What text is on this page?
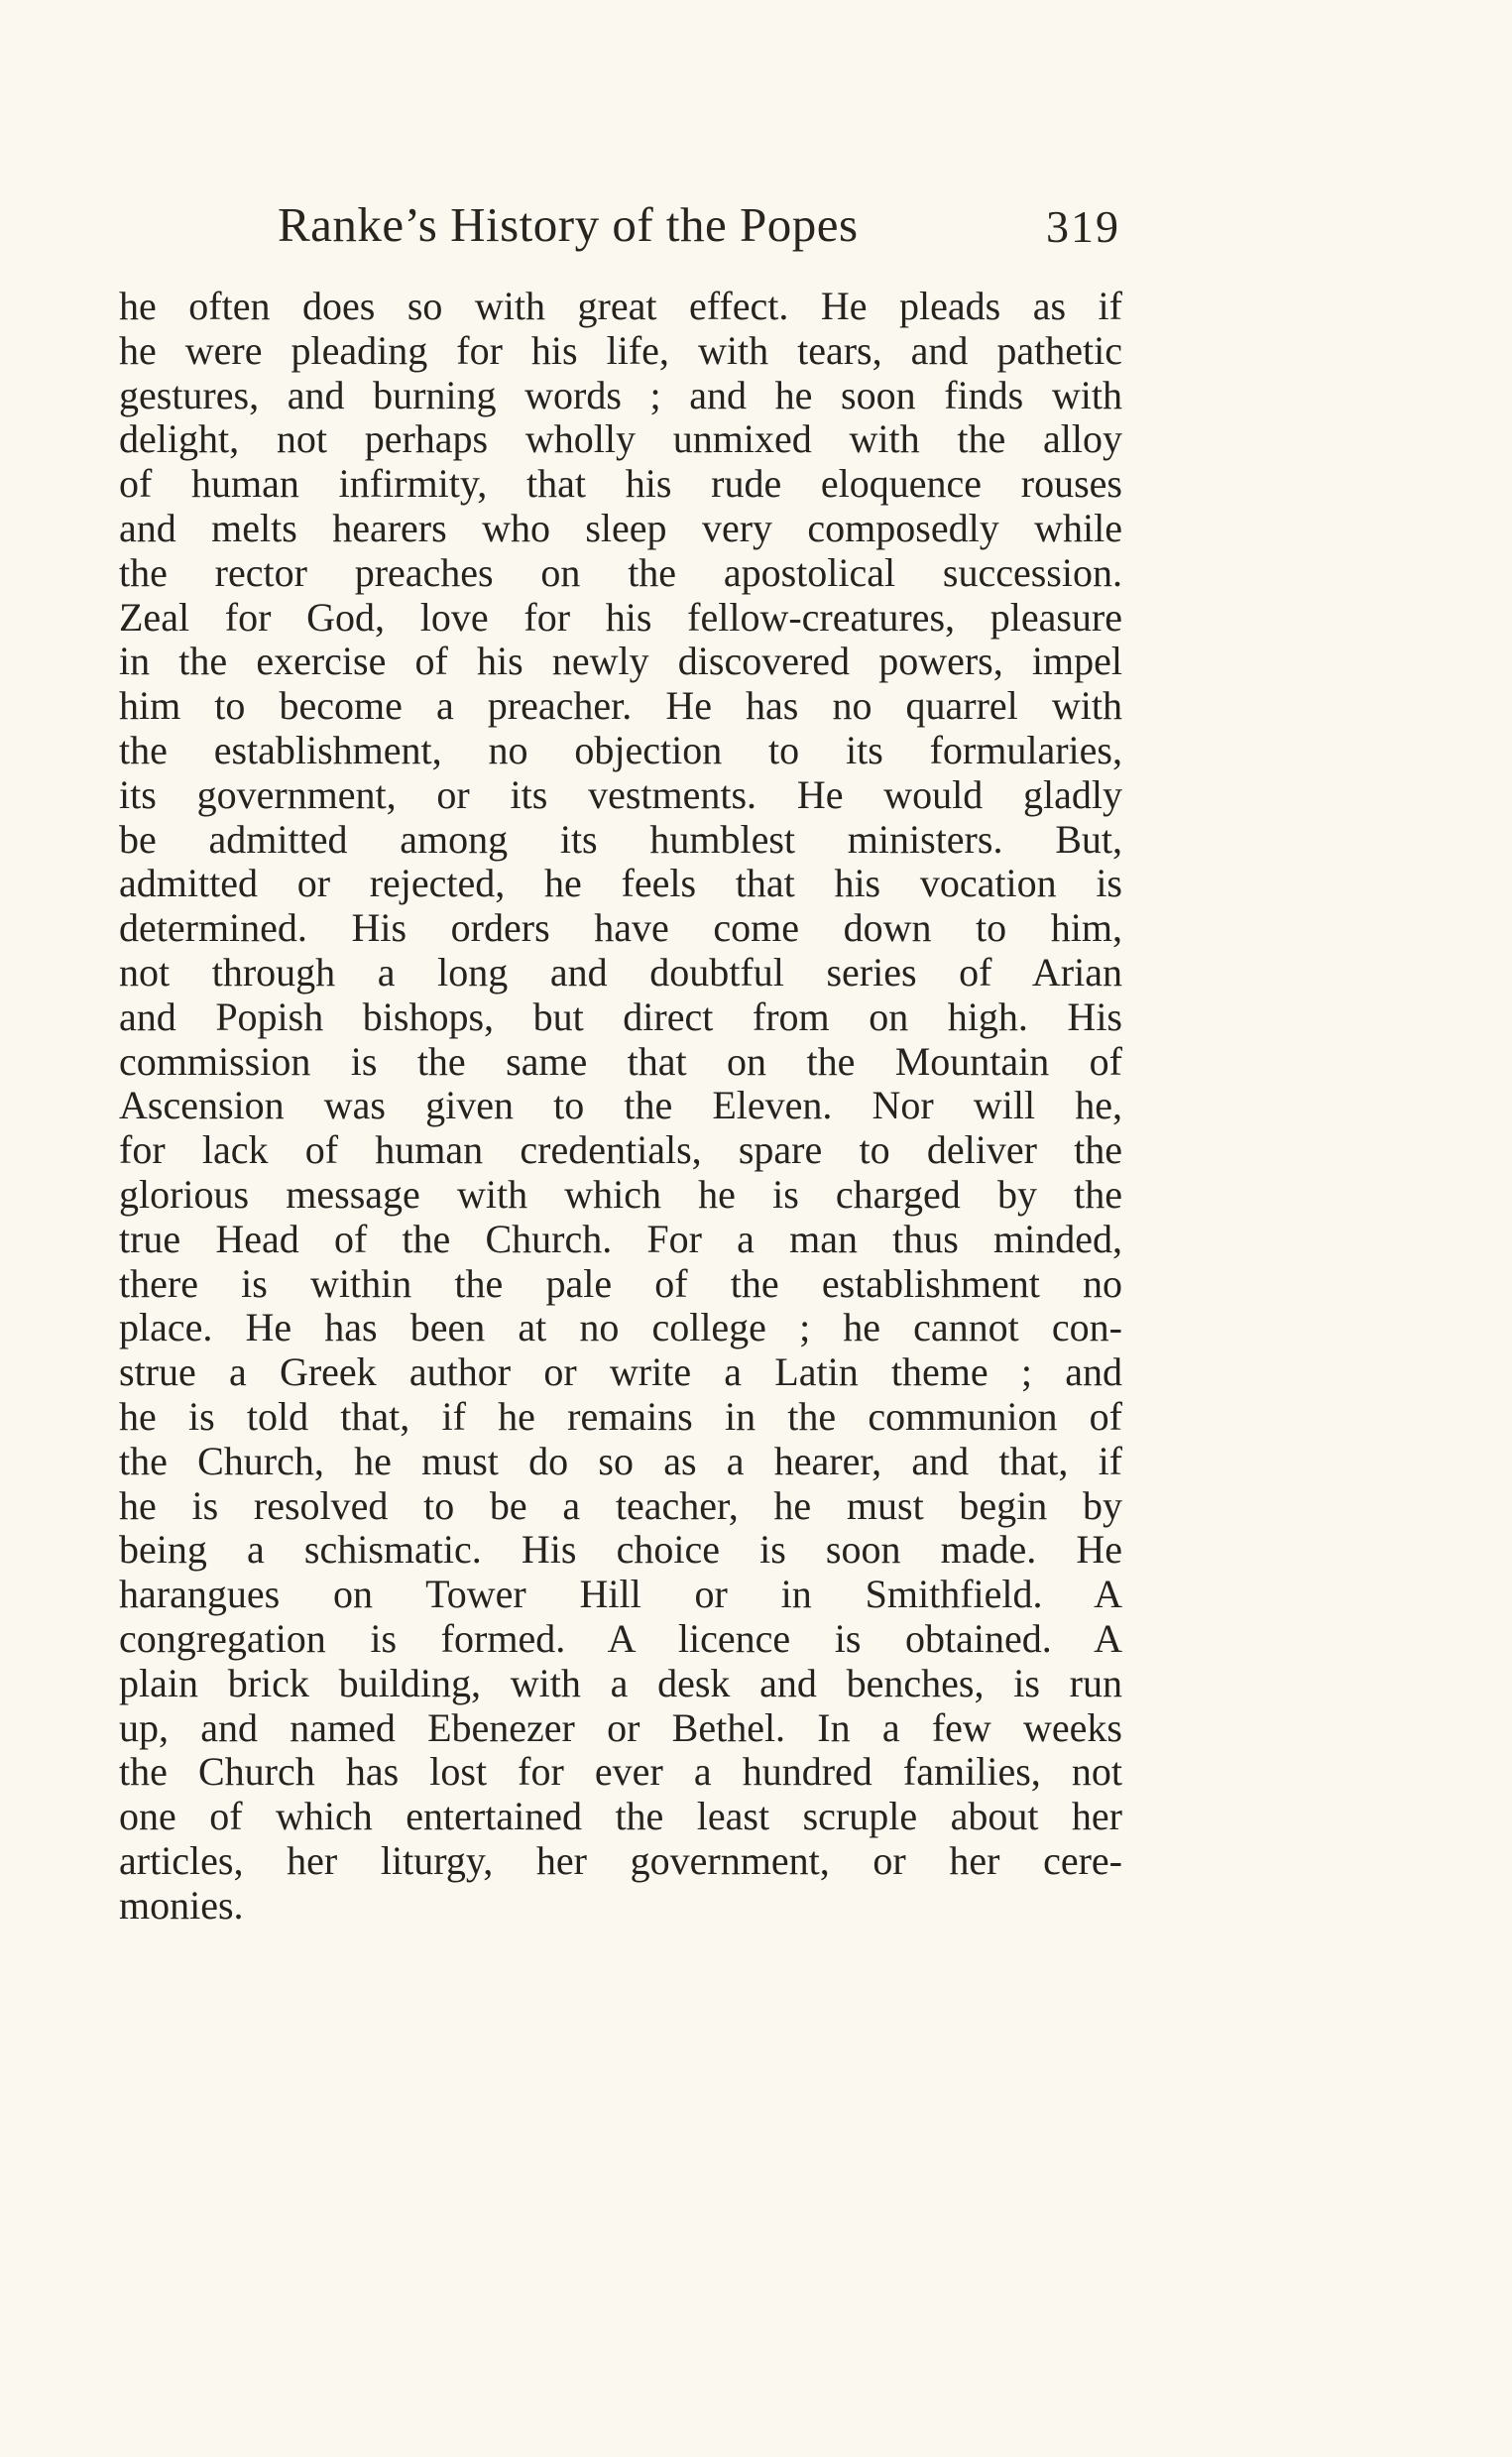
Ranke’s History of the Popes	319
he often does so with great effect. He pleads as if
he were pleading for his life, with tears, and pathetic
gestures, and burning words ; and he soon finds with
delight, not perhaps wholly unmixed with the alloy
of human infirmity, that his rude eloquence rouses
and melts hearers who sleep very composedly while
the rector preaches on the apostolical succession.
Zeal for God, love for his fellow-creatures, pleasure
in the exercise of his newly discovered powers, impel
him to become a preacher. He has no quarrel with
the establishment, no objection to its formularies,
its government, or its vestments. He would gladly
be admitted among its humblest ministers. But,
admitted or rejected, he feels that his vocation is
determined. His orders have come down to him,
not through a long and doubtful series of Arian
and Popish bishops, but direct from on high. His
commission is the same that on the Mountain of
Ascension was given to the Eleven. Nor will he,
for lack of human credentials, spare to deliver the
glorious message with which he is charged by the
true Head of the Church. For a man thus minded,
there is within the pale of the establishment no
place. He has been at no college ; he cannot con-
strue a Greek author or write a Latin theme ; and
he is told that, if he remains in the communion of
the Church, he must do so as a hearer, and that, if
he is resolved to be a teacher, he must begin by
being a schismatic. His choice is soon made. He
harangues on Tower Hill or in Smithfield. A
congregation is formed. A licence is obtained. A
plain brick building, with a desk and benches, is run
up, and named Ebenezer or Bethel. In a few weeks
the Church has lost for ever a hundred families, not
one of which entertained the least scruple about her
articles, her liturgy, her government, or her cere-
monies.
